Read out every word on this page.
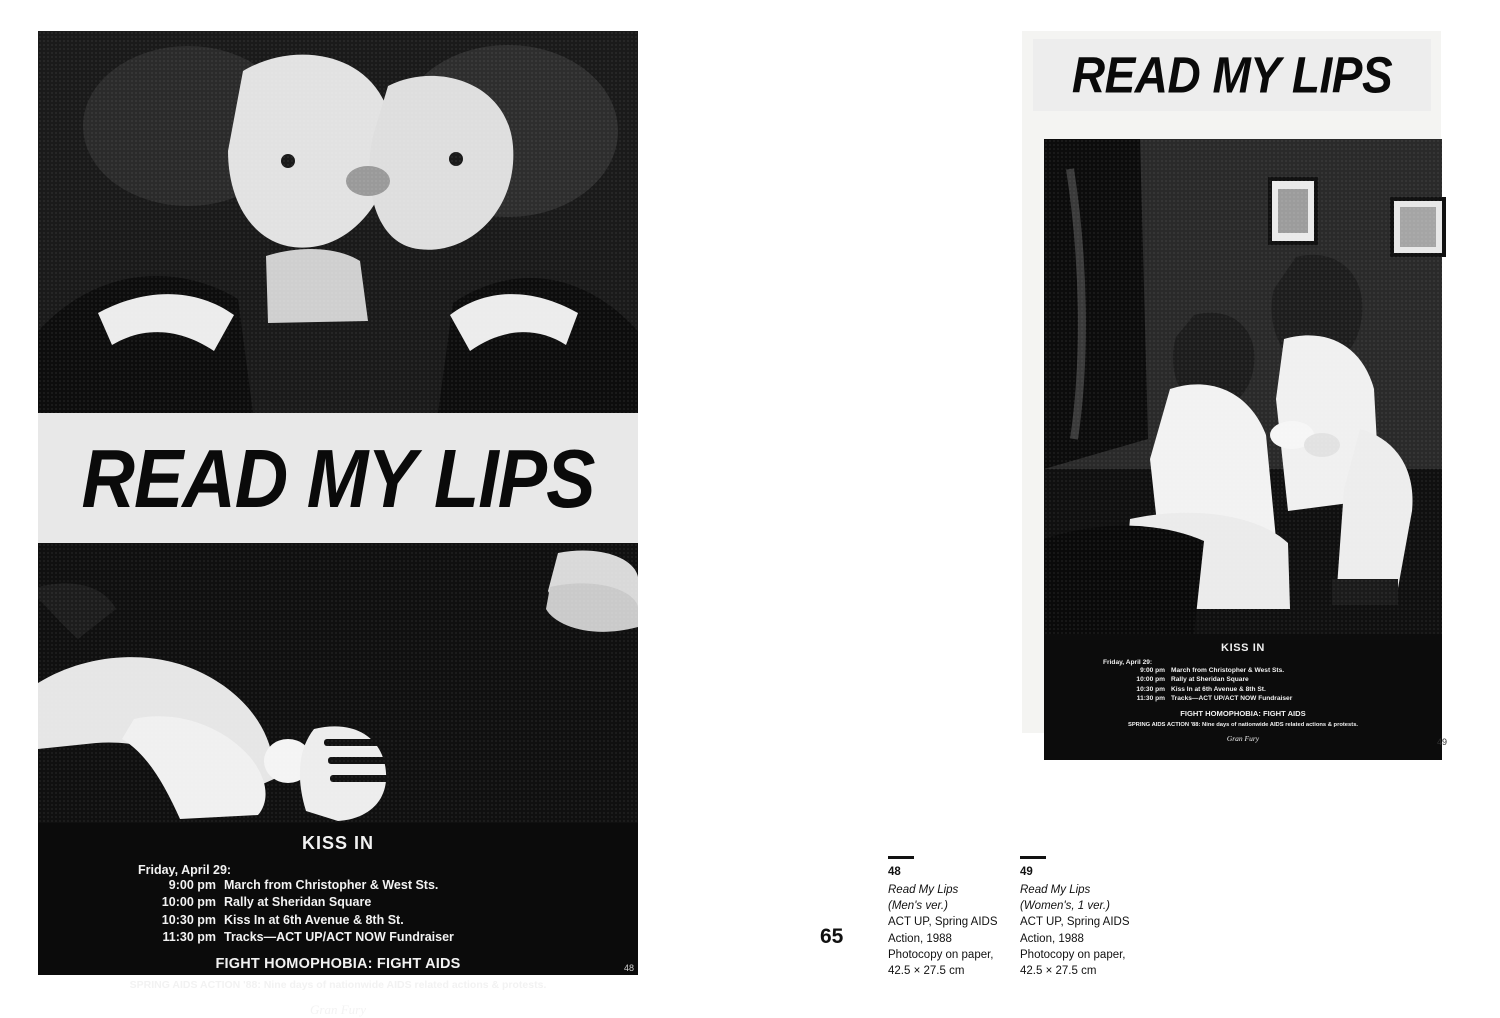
READ MY LIPS
KISS IN
Friday, April 29:
9:00 pm March from Christopher & West Sts.
10:00 pm Rally at Sheridan Square
10:30 pm Kiss In at 6th Avenue & 8th St.
11:30 pm Tracks—ACT UP/ACT NOW Fundraiser
FIGHT HOMOPHOBIA: FIGHT AIDS
SPRING AIDS ACTION '88: Nine days of nationwide AIDS related actions & protests.
Gran Fury
48
READ MY LIPS
KISS IN
Friday, April 29:
9:00 pm March from Christopher & West Sts.
10:00 pm Rally at Sheridan Square
10:30 pm Kiss In at 6th Avenue & 8th St.
11:30 pm Tracks—ACT UP/ACT NOW Fundraiser
FIGHT HOMOPHOBIA: FIGHT AIDS
SPRING AIDS ACTION '88: Nine days of nationwide AIDS related actions & protests.
Gran Fury	49
48
Read My Lips
(Men's ver.)
ACT UP, Spring AIDS
Action, 1988
Photocopy on paper,
42.5 × 27.5 cm
49
Read My Lips
(Women's, 1 ver.)
ACT UP, Spring AIDS
Action, 1988
Photocopy on paper,
42.5 × 27.5 cm
65
